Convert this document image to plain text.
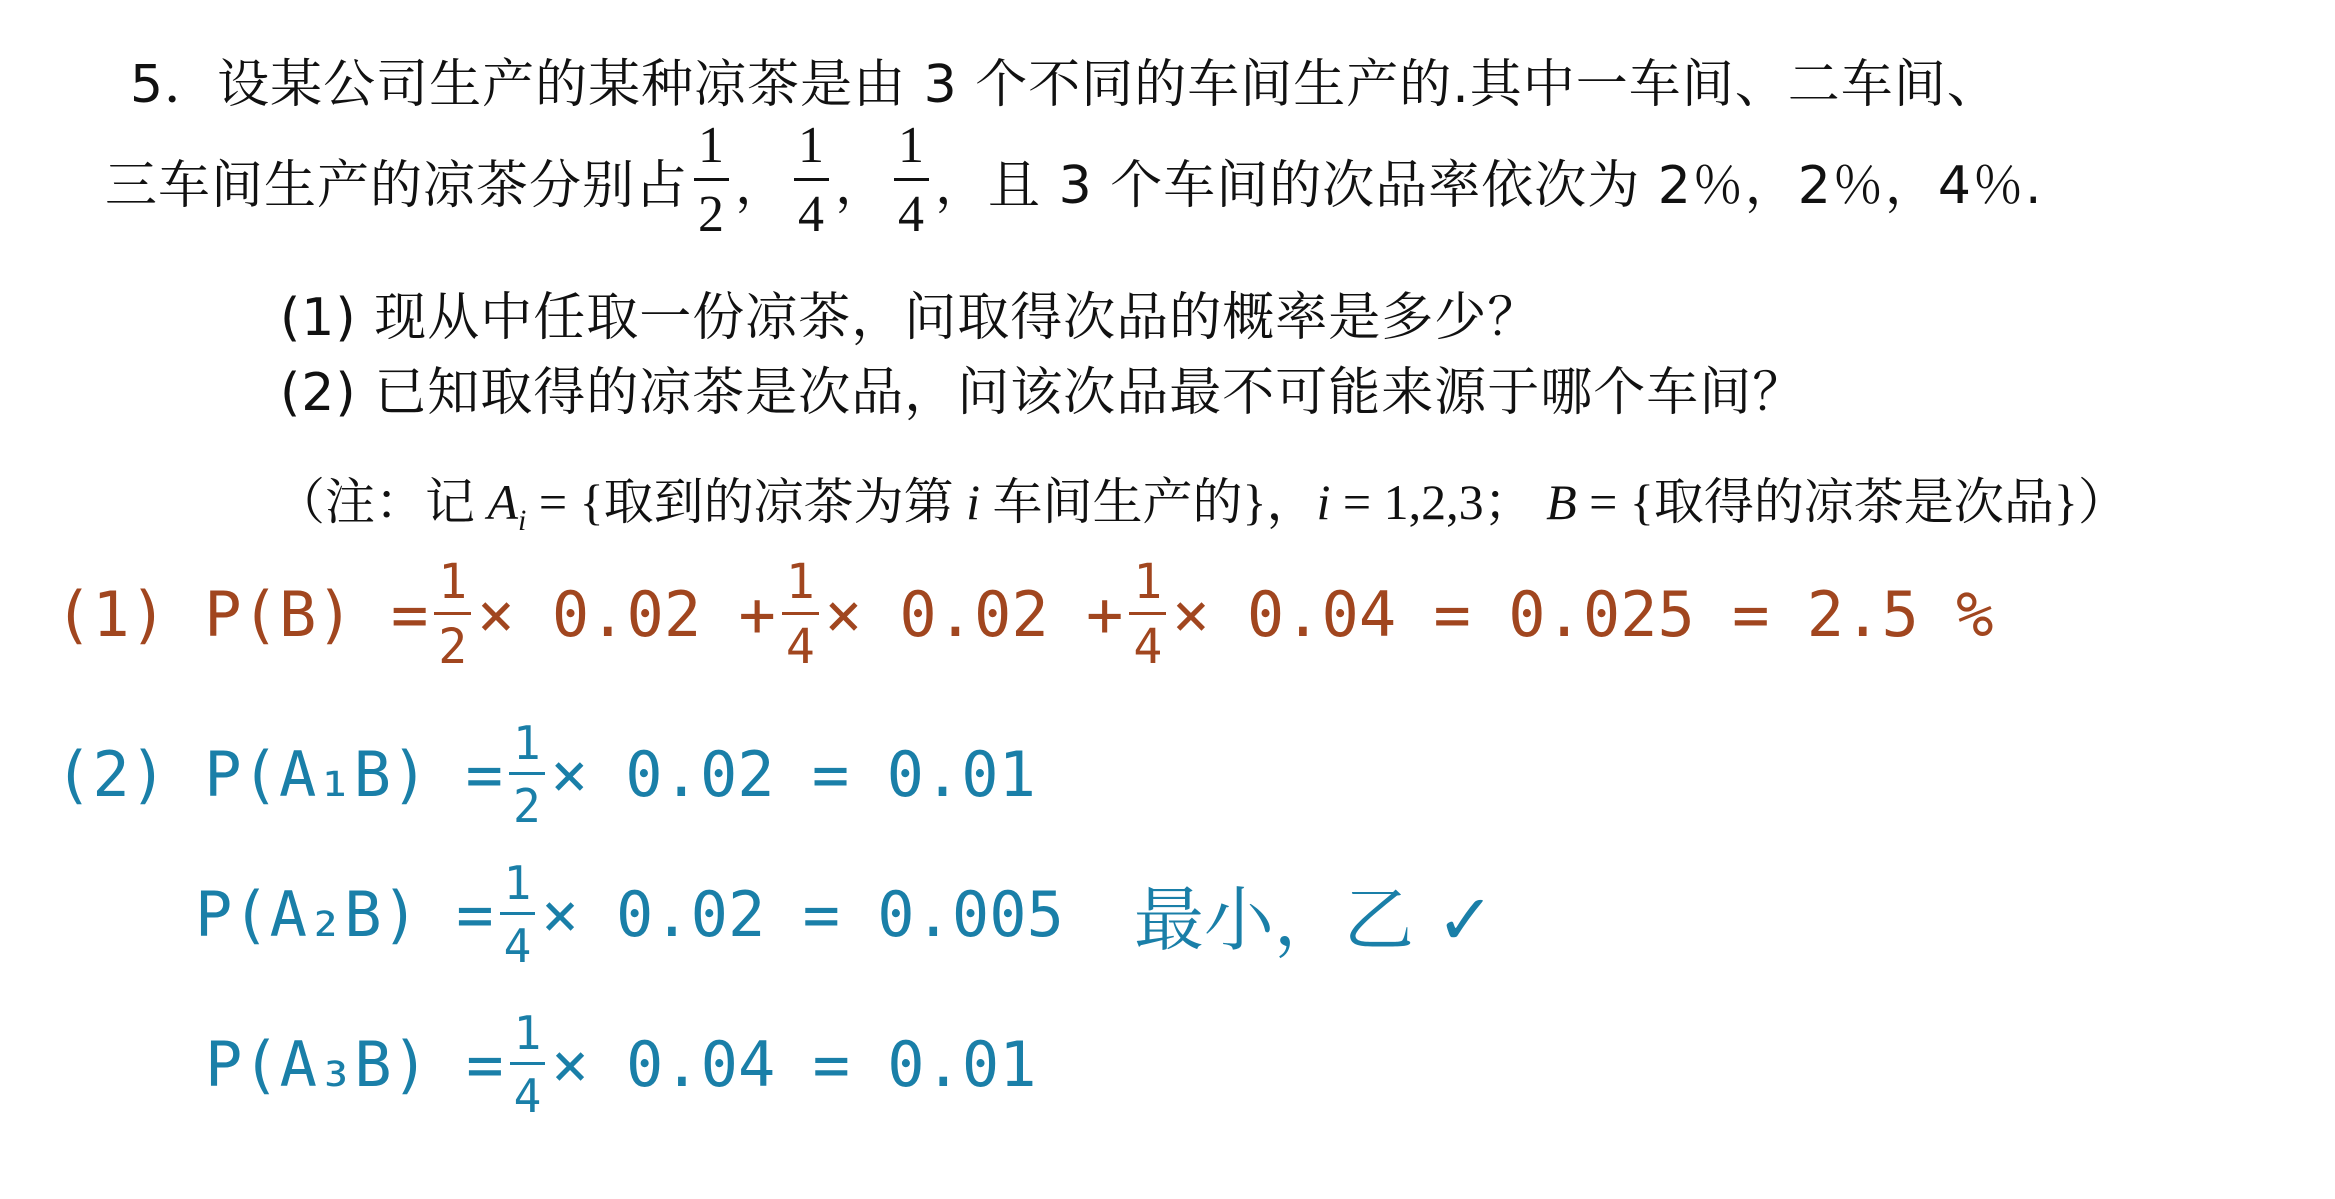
5．设某公司生产的某种凉茶是由 3 个不同的车间生产的.其中一车间、二车间、
三车间生产的凉茶分别占 $\frac{1}{2}$ ， $\frac{1}{4}$ ， $\frac{1}{4}$ ，且 3 个车间的次品率依次为 2％，2％，4％.
(1) 现从中任取一份凉茶，问取得次品的概率是多少？
(2) 已知取得的凉茶是次品，问该次品最不可能来源于哪个车间？
（注：记 $A_i$ = {取到的凉茶为第 i 车间生产的}，i = 1,2,3； B = {取得的凉茶是次品}）
(1) $P(B) = \frac{1}{2} \times 0.02 + \frac{1}{4} \times 0.02 + \frac{1}{4} \times 0.04 = 0.025 = 2.5$ %
(2) $P(A_1B) = \frac{1}{2} \times 0.02 = 0.01$
$P(A_2B) = \frac{1}{4} \times 0.02 = 0.005$ 最小，乙 ✓
$P(A_3B) = \frac{1}{4} \times 0.04 = 0.01$
